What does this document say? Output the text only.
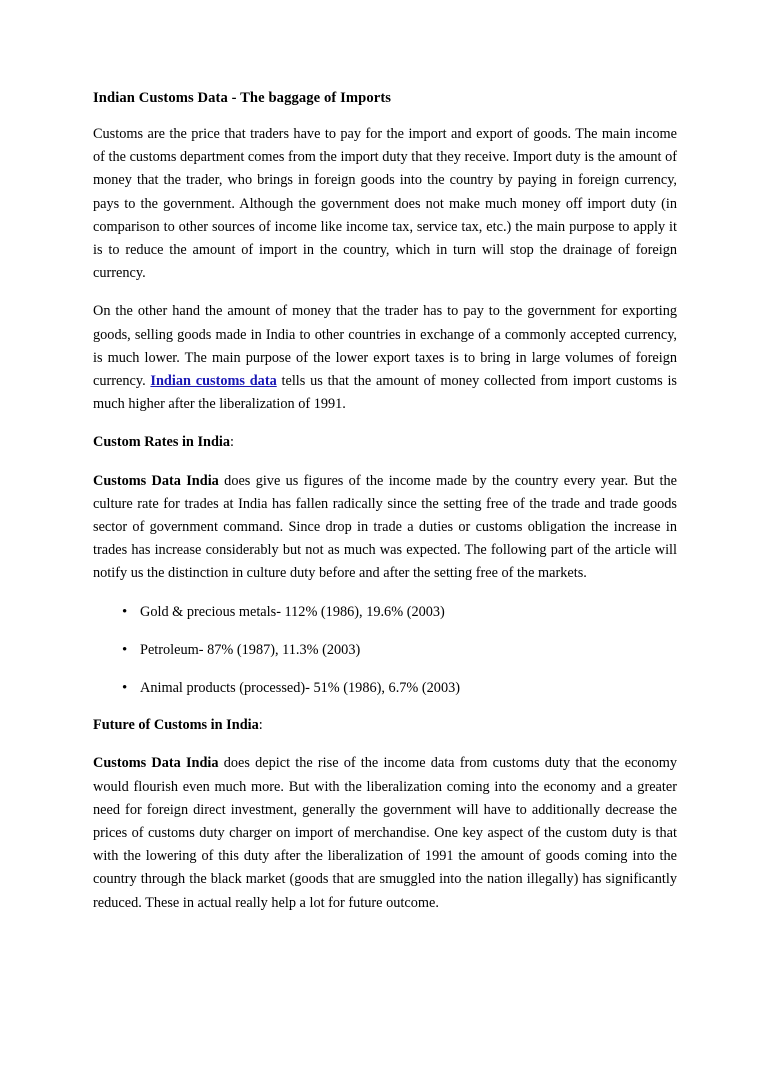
Indian Customs Data - The baggage of Imports

Customs are the price that traders have to pay for the import and export of goods. The main income of the customs department comes from the import duty that they receive. Import duty is the amount of money that the trader, who brings in foreign goods into the country by paying in foreign currency, pays to the government. Although the government does not make much money off import duty (in comparison to other sources of income like income tax, service tax, etc.) the main purpose to apply it is to reduce the amount of import in the country, which in turn will stop the drainage of foreign currency.

On the other hand the amount of money that the trader has to pay to the government for exporting goods, selling goods made in India to other countries in exchange of a commonly accepted currency, is much lower. The main purpose of the lower export taxes is to bring in large volumes of foreign currency. Indian customs data tells us that the amount of money collected from import customs is much higher after the liberalization of 1991.

Custom Rates in India:

Customs Data India does give us figures of the income made by the country every year. But the culture rate for trades at India has fallen radically since the setting free of the trade and trade goods sector of government command. Since drop in trade a duties or customs obligation the increase in trades has increase considerably but not as much was expected. The following part of the article will notify us the distinction in culture duty before and after the setting free of the markets.

• Gold & precious metals- 112% (1986), 19.6% (2003)
• Petroleum- 87% (1987), 11.3% (2003)
• Animal products (processed)- 51% (1986), 6.7% (2003)
Future of Customs in India:

Customs Data India does depict the rise of the income data from customs duty that the economy would flourish even much more. But with the liberalization coming into the economy and a greater need for foreign direct investment, generally the government will have to additionally decrease the prices of customs duty charger on import of merchandise. One key aspect of the custom duty is that with the lowering of this duty after the liberalization of 1991 the amount of goods coming into the country through the black market (goods that are smuggled into the nation illegally) has significantly reduced. These in actual really help a lot for future outcome.
